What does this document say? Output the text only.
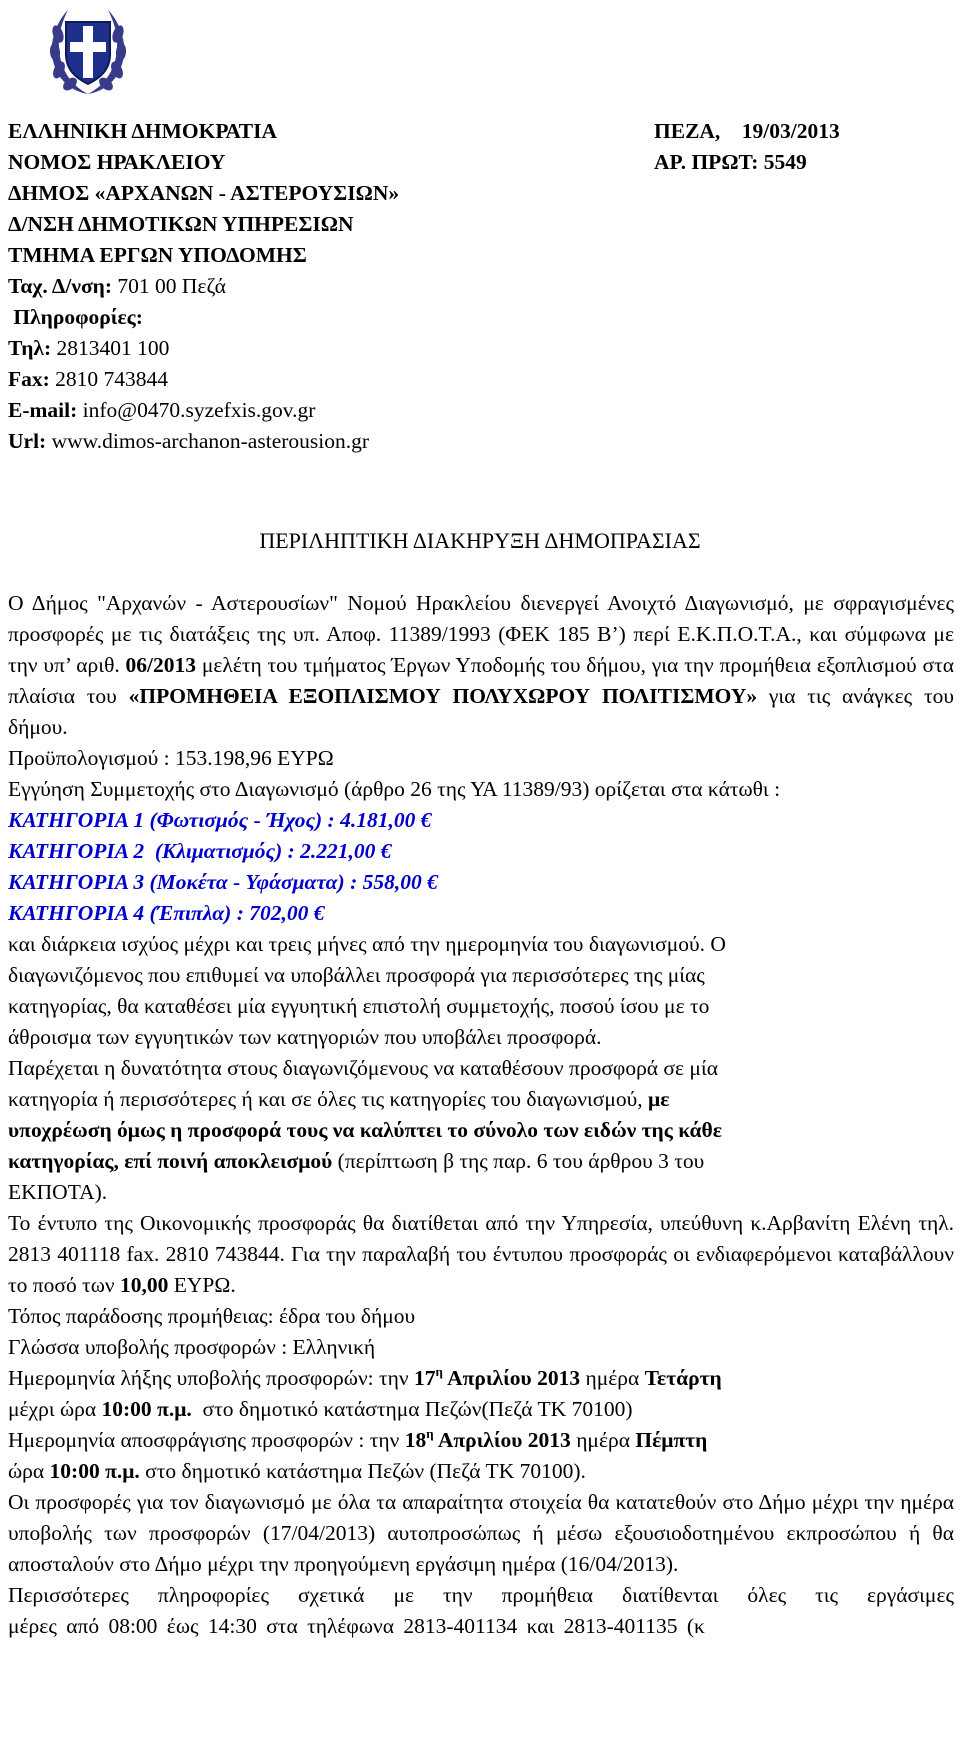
ΕΛΛΗΝΙΚΗ ΔΗΜΟΚΡΑΤΙΑ
ΝΟΜΟΣ ΗΡΑΚΛΕΙΟΥ
ΔΗΜΟΣ «ΑΡΧΑΝΩΝ - ΑΣΤΕΡΟΥΣΙΩΝ»
Δ/ΝΣΗ ΔΗΜΟΤΙΚΩΝ ΥΠΗΡΕΣΙΩΝ
ΤΜΗΜΑ ΕΡΓΩΝ ΥΠΟΔΟΜΗΣ
Ταχ. Δ/νση: 701 00 Πεζά
Πληροφορίες:
Τηλ: 2813401 100
Fax: 2810 743844
E-mail: info@0470.syzefxis.gov.gr
Url: www.dimos-archanon-asterousion.gr
ΠΕΖΑ,    19/03/2013
ΑΡ. ΠΡΩΤ: 5549
ΠΕΡΙΛΗΠΤΙΚΗ ΔΙΑΚΗΡΥΞΗ ΔΗΜΟΠΡΑΣΙΑΣ

Ο Δήμος "Αρχανών - Αστερουσίων" Νομού Ηρακλείου διενεργεί Ανοιχτό Διαγωνισμό, με σφραγισμένες προσφορές με τις διατάξεις της υπ. Αποφ. 11389/1993 (ΦΕΚ 185 Β’) περί Ε.Κ.Π.Ο.Τ.Α., και σύμφωνα με την υπ’ αριθ. 06/2013 μελέτη του τμήματος Έργων Υποδομής του δήμου, για την προμήθεια εξοπλισμού στα πλαίσια του «ΠΡΟΜΗΘΕΙΑ ΕΞΟΠΛΙΣΜΟΥ ΠΟΛΥΧΩΡΟΥ ΠΟΛΙΤΙΣΜΟΥ» για τις ανάγκες του δήμου.

Προϋπολογισμού : 153.198,96 ΕΥΡΩ

Εγγύηση Συμμετοχής στο Διαγωνισμό (άρθρο 26 της ΥΑ 11389/93) ορίζεται στα κάτωθι :

ΚΑΤΗΓΟΡΙΑ 1 (Φωτισμός - Ήχος) : 4.181,00 €

ΚΑΤΗΓΟΡΙΑ 2  (Κλιματισμός) : 2.221,00 €

ΚΑΤΗΓΟΡΙΑ 3 (Μοκέτα - Υφάσματα) : 558,00 €

ΚΑΤΗΓΟΡΙΑ 4 (Έπιπλα) : 702,00 €

και διάρκεια ισχύος μέχρι και τρεις μήνες από την ημερομηνία του διαγωνισμού. Ο

διαγωνιζόμενος που επιθυμεί να υποβάλλει προσφορά για περισσότερες της μίας

κατηγορίας, θα καταθέσει μία εγγυητική επιστολή συμμετοχής, ποσού ίσου με το

άθροισμα των εγγυητικών των κατηγοριών που υποβάλει προσφορά.

Παρέχεται η δυνατότητα στους διαγωνιζόμενους να καταθέσουν προσφορά σε μία

κατηγορία ή περισσότερες ή και σε όλες τις κατηγορίες του διαγωνισμού, με

υποχρέωση όμως η προσφορά τους να καλύπτει το σύνολο των ειδών της κάθε

κατηγορίας, επί ποινή αποκλεισμού (περίπτωση β της παρ. 6 του άρθρου 3 του

ΕΚΠΟΤΑ).

Το έντυπο της Οικονομικής προσφοράς θα διατίθεται από την Υπηρεσία, υπεύθυνη κ.Αρβανίτη Ελένη τηλ. 2813 401118 fax. 2810 743844. Για την παραλαβή του έντυπου προσφοράς οι ενδιαφερόμενοι καταβάλλουν το ποσό των 10,00 ΕΥΡΩ.

Τόπος παράδοσης προμήθειας: έδρα του δήμου

Γλώσσα υποβολής προσφορών : Ελληνική

Ημερομηνία λήξης υποβολής προσφορών: την $17^\eta$ Απριλίου 2013 ημέρα Τετάρτη
μέχρι ώρα 10:00 π.μ.  στο δημοτικό κατάστημα Πεζών(Πεζά ΤΚ 70100)

Ημερομηνία αποσφράγισης προσφορών : την $18^\eta$ Απριλίου 2013 ημέρα Πέμπτη
ώρα 10:00 π.μ. στο δημοτικό κατάστημα Πεζών (Πεζά ΤΚ 70100).

Οι προσφορές για τον διαγωνισμό με όλα τα απαραίτητα στοιχεία θα κατατεθούν στο Δήμο μέχρι την ημέρα υποβολής των προσφορών (17/04/2013) αυτοπροσώπως ή μέσω εξουσιοδοτημένου εκπροσώπου ή θα αποσταλούν στο Δήμο μέχρι την προηγούμενη εργάσιμη ημέρα (16/04/2013).

Περισσότερες πληροφορίες σχετικά με την προμήθεια διατίθενται όλες τις εργάσιμες

μέρες από 08:00 έως 14:30 στα τηλέφωνα 2813-401134 και 2813-401135 (κ
